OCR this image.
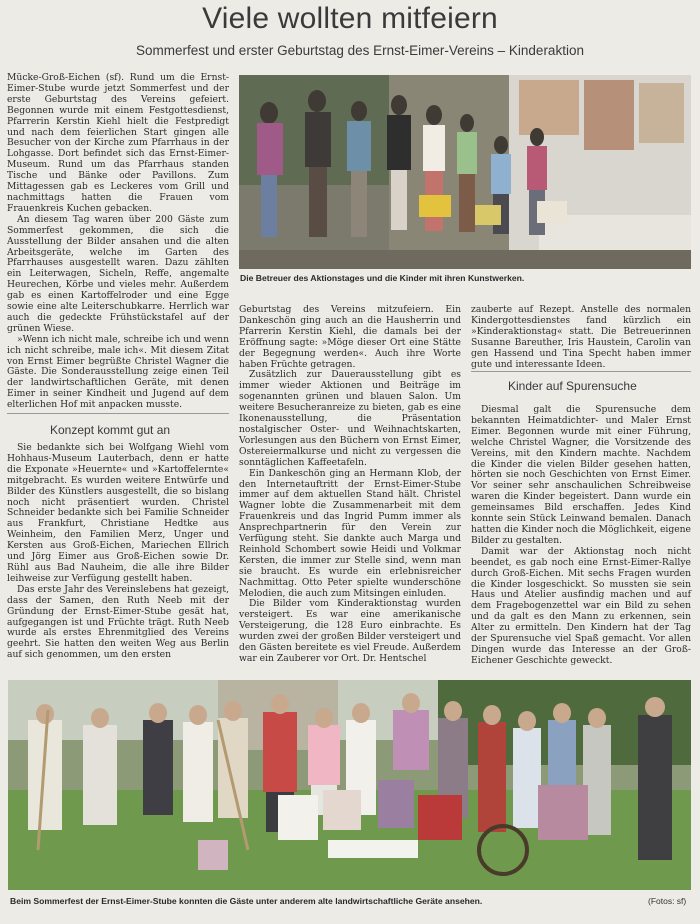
Viele wollten mitfeiern
Sommerfest und erster Geburtstag des Ernst-Eimer-Vereins – Kinderaktion

Mücke-Groß-Eichen (sf). Rund um die Ernst-Eimer-Stube wurde jetzt Sommerfest und der erste Geburtstag des Vereins gefeiert. Begonnen wurde mit einem Festgottesdienst, Pfarrerin Kerstin Kiehl hielt die Festpredigt und nach dem feierlichen Start gingen alle Besucher von der Kirche zum Pfarrhaus in der Lohgasse. Dort befindet sich das Ernst-Eimer-Museum. Rund um das Pfarrhaus standen Tische und Bänke oder Pavillons. Zum Mittagessen gab es Leckeres vom Grill und nachmittags hatten die Frauen vom Frauenkreis Kuchen gebacken.

An diesem Tag waren über 200 Gäste zum Sommerfest gekommen, die sich die Ausstellung der Bilder ansahen und die alten Arbeitsgeräte, welche im Garten des Pfarrhauses ausgestellt waren. Dazu zählten ein Leiterwagen, Sicheln, Reffe, angemalte Heurechen, Körbe und vieles mehr. Außerdem gab es einen Kartoffelroder und eine Egge sowie eine alte Leiterschubkarre. Herrlich war auch die gedeckte Frühstückstafel auf der grünen Wiese.

»Wenn ich nicht male, schreibe ich und wenn ich nicht schreibe, male ich«. Mit diesem Zitat von Ernst Eimer begrüßte Christel Wagner die Gäste. Die Sonderausstellung zeige einen Teil der landwirtschaftlichen Geräte, mit denen Eimer in seiner Kindheit und Jugend auf dem elterlichen Hof mit anpacken musste.

Konzept kommt gut an

Sie bedankte sich bei Wolfgang Wiehl vom Hohhaus-Museum Lauterbach, denn er hatte die Exponate »Heuernte« und »Kartoffelernte« mitgebracht. Es wurden weitere Entwürfe und Bilder des Künstlers ausgestellt, die so bislang noch nicht präsentiert wurden. Christel Schneider bedankte sich bei Familie Schneider aus Frankfurt, Christiane Hedtke aus Weinheim, den Familien Merz, Unger und Kersten aus Groß-Eichen, Mariechen Ellrich und Jörg Eimer aus Groß-Eichen sowie Dr. Rühl aus Bad Nauheim, die alle ihre Bilder leihweise zur Verfügung gestellt haben.

Das erste Jahr des Vereinslebens hat gezeigt, dass der Samen, den Ruth Neeb mit der Gründung der Ernst-Eimer-Stube gesät hat, aufgegangen ist und Früchte trägt. Ruth Neeb wurde als erstes Ehrenmitglied des Vereins geehrt. Sie hatten den weiten Weg aus Berlin auf sich genommen, um den ersten

Die Betreuer des Aktionstages und die Kinder mit ihren Kunstwerken.

Geburtstag des Vereins mitzufeiern. Ein Dankeschön ging auch an die Hausherrin und Pfarrerin Kerstin Kiehl, die damals bei der Eröffnung sagte: »Möge dieser Ort eine Stätte der Begegnung werden«. Auch ihre Worte haben Früchte getragen.

Zusätzlich zur Dauerausstellung gibt es immer wieder Aktionen und Beiträge im sogenannten grünen und blauen Salon. Um weitere Besucheranreize zu bieten, gab es eine Ikonenausstellung, die Präsentation nostalgischer Oster- und Weihnachtskarten, Vorlesungen aus den Büchern von Ernst Eimer, Ostereiermalkurse und nicht zu vergessen die sonntäglichen Kaffeetafeln.

Ein Dankeschön ging an Hermann Klob, der den Internetauftritt der Ernst-Eimer-Stube immer auf dem aktuellen Stand hält. Christel Wagner lobte die Zusammenarbeit mit dem Frauenkreis und das Ingrid Pumm immer als Ansprechpartnerin für den Verein zur Verfügung steht. Sie dankte auch Marga und Reinhold Schombert sowie Heidi und Volkmar Kersten, die immer zur Stelle sind, wenn man sie braucht. Es wurde ein erlebnisreicher Nachmittag. Otto Peter spielte wunderschöne Melodien, die auch zum Mitsingen einluden.

Die Bilder vom Kinderaktionstag wurden versteigert. Es war eine amerikanische Versteigerung, die 128 Euro einbrachte. Es wurden zwei der großen Bilder versteigert und den Gästen bereitete es viel Freude. Außerdem war ein Zauberer vor Ort. Dr. Hentschel

zauberte auf Rezept. Anstelle des normalen Kindergottesdienstes fand kürzlich ein »Kinderaktionstag« statt. Die Betreuerinnen Susanne Bareuther, Iris Haustein, Carolin van gen Hassend und Tina Specht haben immer gute und interessante Ideen.

Kinder auf Spurensuche

Diesmal galt die Spurensuche dem bekannten Heimatdichter- und Maler Ernst Eimer. Begonnen wurde mit einer Führung, welche Christel Wagner, die Vorsitzende des Vereins, mit den Kindern machte. Nachdem die Kinder die vielen Bilder gesehen hatten, hörten sie noch Geschichten von Ernst Eimer. Vor seiner sehr anschaulichen Schreibweise waren die Kinder begeistert. Dann wurde ein gemeinsames Bild erschaffen. Jedes Kind konnte sein Stück Leinwand bemalen. Danach hatten die Kinder noch die Möglichkeit, eigene Bilder zu gestalten.

Damit war der Aktionstag noch nicht beendet, es gab noch eine Ernst-Eimer-Rallye durch Groß-Eichen. Mit sechs Fragen wurden die Kinder losgeschickt. So mussten sie sein Haus und Atelier ausfindig machen und auf dem Fragebogenzettel war ein Bild zu sehen und da galt es den Mann zu erkennen, sein Alter zu ermitteln. Den Kindern hat der Tag der Spurensuche viel Spaß gemacht. Vor allen Dingen wurde das Interesse an der Groß-Eichener Geschichte geweckt.

Beim Sommerfest der Ernst-Eimer-Stube konnten die Gäste unter anderem alte landwirtschaftliche Geräte ansehen.	(Fotos: sf)
